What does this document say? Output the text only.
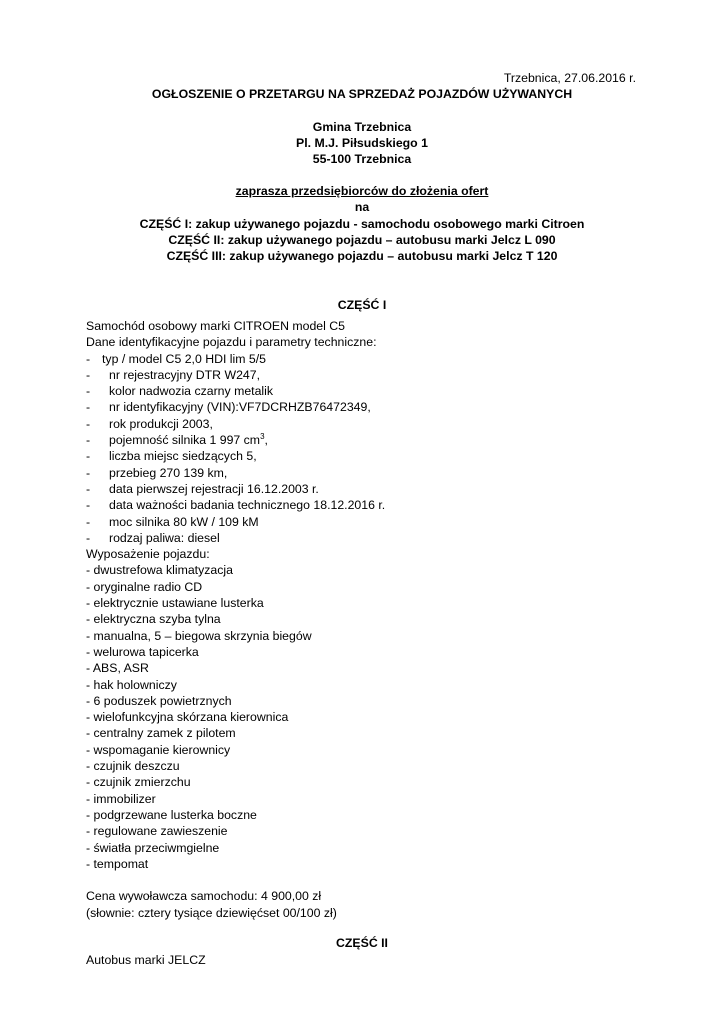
Trzebnica, 27.06.2016 r.
OGŁOSZENIE O PRZETARGU NA SPRZEDAŻ POJAZDÓW UŻYWANYCH
Gmina Trzebnica
Pl. M.J. Piłsudskiego 1
55-100 Trzebnica
zaprasza przedsiębiorców do złożenia ofert
na
CZĘŚĆ I: zakup używanego pojazdu - samochodu osobowego marki Citroen
CZĘŚĆ II: zakup używanego pojazdu – autobusu marki Jelcz L 090
CZĘŚĆ III: zakup używanego pojazdu – autobusu marki Jelcz T 120
CZĘŚĆ I
Samochód osobowy marki CITROEN model C5
Dane identyfikacyjne pojazdu i parametry techniczne:
- typ / model C5 2,0 HDI lim 5/5
- nr rejestracyjny DTR W247,
- kolor nadwozia czarny metalik
- nr identyfikacyjny (VIN):VF7DCRHZB76472349,
- rok produkcji 2003,
- pojemność silnika 1 997 $cm^3$,
- liczba miejsc siedzących 5,
- przebieg 270 139 km,
- data pierwszej rejestracji 16.12.2003 r.
- data ważności badania technicznego 18.12.2016 r.
- moc silnika 80 kW / 109 kM
- rodzaj paliwa: diesel
Wyposażenie pojazdu:
- dwustrefowa klimatyzacja
- oryginalne radio CD
- elektrycznie ustawiane lusterka
- elektryczna szyba tylna
- manualna, 5 – biegowa skrzynia biegów
- welurowa tapicerka
- ABS, ASR
- hak holowniczy
- 6 poduszek powietrznych
- wielofunkcyjna skórzana kierownica
- centralny zamek z pilotem
- wspomaganie kierownicy
- czujnik deszczu
- czujnik zmierzchu
- immobilizer
- podgrzewane lusterka boczne
- regulowane zawieszenie
- światła przeciwmgielne
- tempomat
Cena wywoławcza samochodu: 4 900,00 zł
(słownie: cztery tysiące dziewięćset 00/100 zł)
CZĘŚĆ II
Autobus marki JELCZ
